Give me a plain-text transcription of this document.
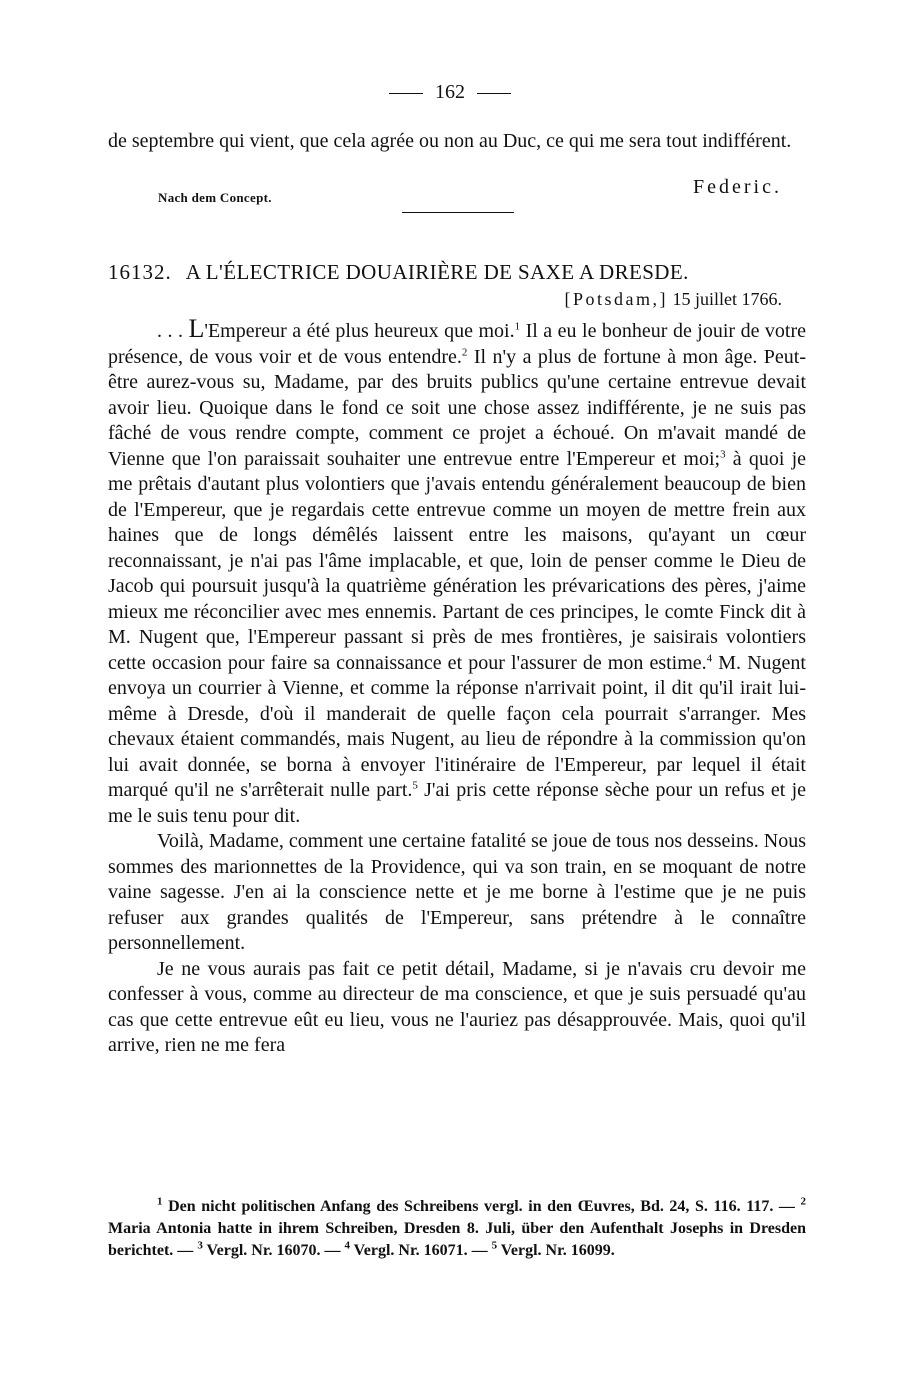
162
de septembre qui vient, que cela agrée ou non au Duc, ce qui me sera tout indifférent.
Nach dem Concept.	Federic.
16132. A L'ÉLECTRICE DOUAIRIÈRE DE SAXE A DRESDE.
[Potsdam,] 15 juillet 1766.

. . . L'Empereur a été plus heureux que moi.$^1$ Il a eu le bonheur de jouir de votre présence, de vous voir et de vous entendre.$^2$ Il n'y a plus de fortune à mon âge. Peut-être aurez-vous su, Madame, par des bruits publics qu'une certaine entrevue devait avoir lieu. Quoique dans le fond ce soit une chose assez indifférente, je ne suis pas fâché de vous rendre compte, comment ce projet a échoué. On m'avait mandé de Vienne que l'on paraissait souhaiter une entrevue entre l'Empereur et moi;$^3$ à quoi je me prêtais d'autant plus volontiers que j'avais entendu généralement beaucoup de bien de l'Empereur, que je regardais cette entrevue comme un moyen de mettre frein aux haines que de longs démêlés laissent entre les maisons, qu'ayant un cœur reconnaissant, je n'ai pas l'âme implacable, et que, loin de penser comme le Dieu de Jacob qui poursuit jusqu'à la quatrième génération les prévarications des pères, j'aime mieux me réconcilier avec mes ennemis. Partant de ces principes, le comte Finck dit à M. Nugent que, l'Empereur passant si près de mes frontières, je saisirais volontiers cette occasion pour faire sa connaissance et pour l'assurer de mon estime.$^4$ M. Nugent envoya un courrier à Vienne, et comme la réponse n'arrivait point, il dit qu'il irait lui-même à Dresde, d'où il manderait de quelle façon cela pourrait s'arranger. Mes chevaux étaient commandés, mais Nugent, au lieu de répondre à la commission qu'on lui avait donnée, se borna à envoyer l'itinéraire de l'Empereur, par lequel il était marqué qu'il ne s'arrêterait nulle part.$^5$ J'ai pris cette réponse sèche pour un refus et je me le suis tenu pour dit.

Voilà, Madame, comment une certaine fatalité se joue de tous nos desseins. Nous sommes des marionnettes de la Providence, qui va son train, en se moquant de notre vaine sagesse. J'en ai la conscience nette et je me borne à l'estime que je ne puis refuser aux grandes qualités de l'Empereur, sans prétendre à le connaître personnellement.

Je ne vous aurais pas fait ce petit détail, Madame, si je n'avais cru devoir me confesser à vous, comme au directeur de ma conscience, et que je suis persuadé qu'au cas que cette entrevue eût eu lieu, vous ne l'auriez pas désapprouvée. Mais, quoi qu'il arrive, rien ne me fera

$^1$ Den nicht politischen Anfang des Schreibens vergl. in den Œuvres, Bd. 24, S. 116. 117. — $^2$ Maria Antonia hatte in ihrem Schreiben, Dresden 8. Juli, über den Aufenthalt Josephs in Dresden berichtet. — $^3$ Vergl. Nr. 16070. — $^4$ Vergl. Nr. 16071. — $^5$ Vergl. Nr. 16099.
